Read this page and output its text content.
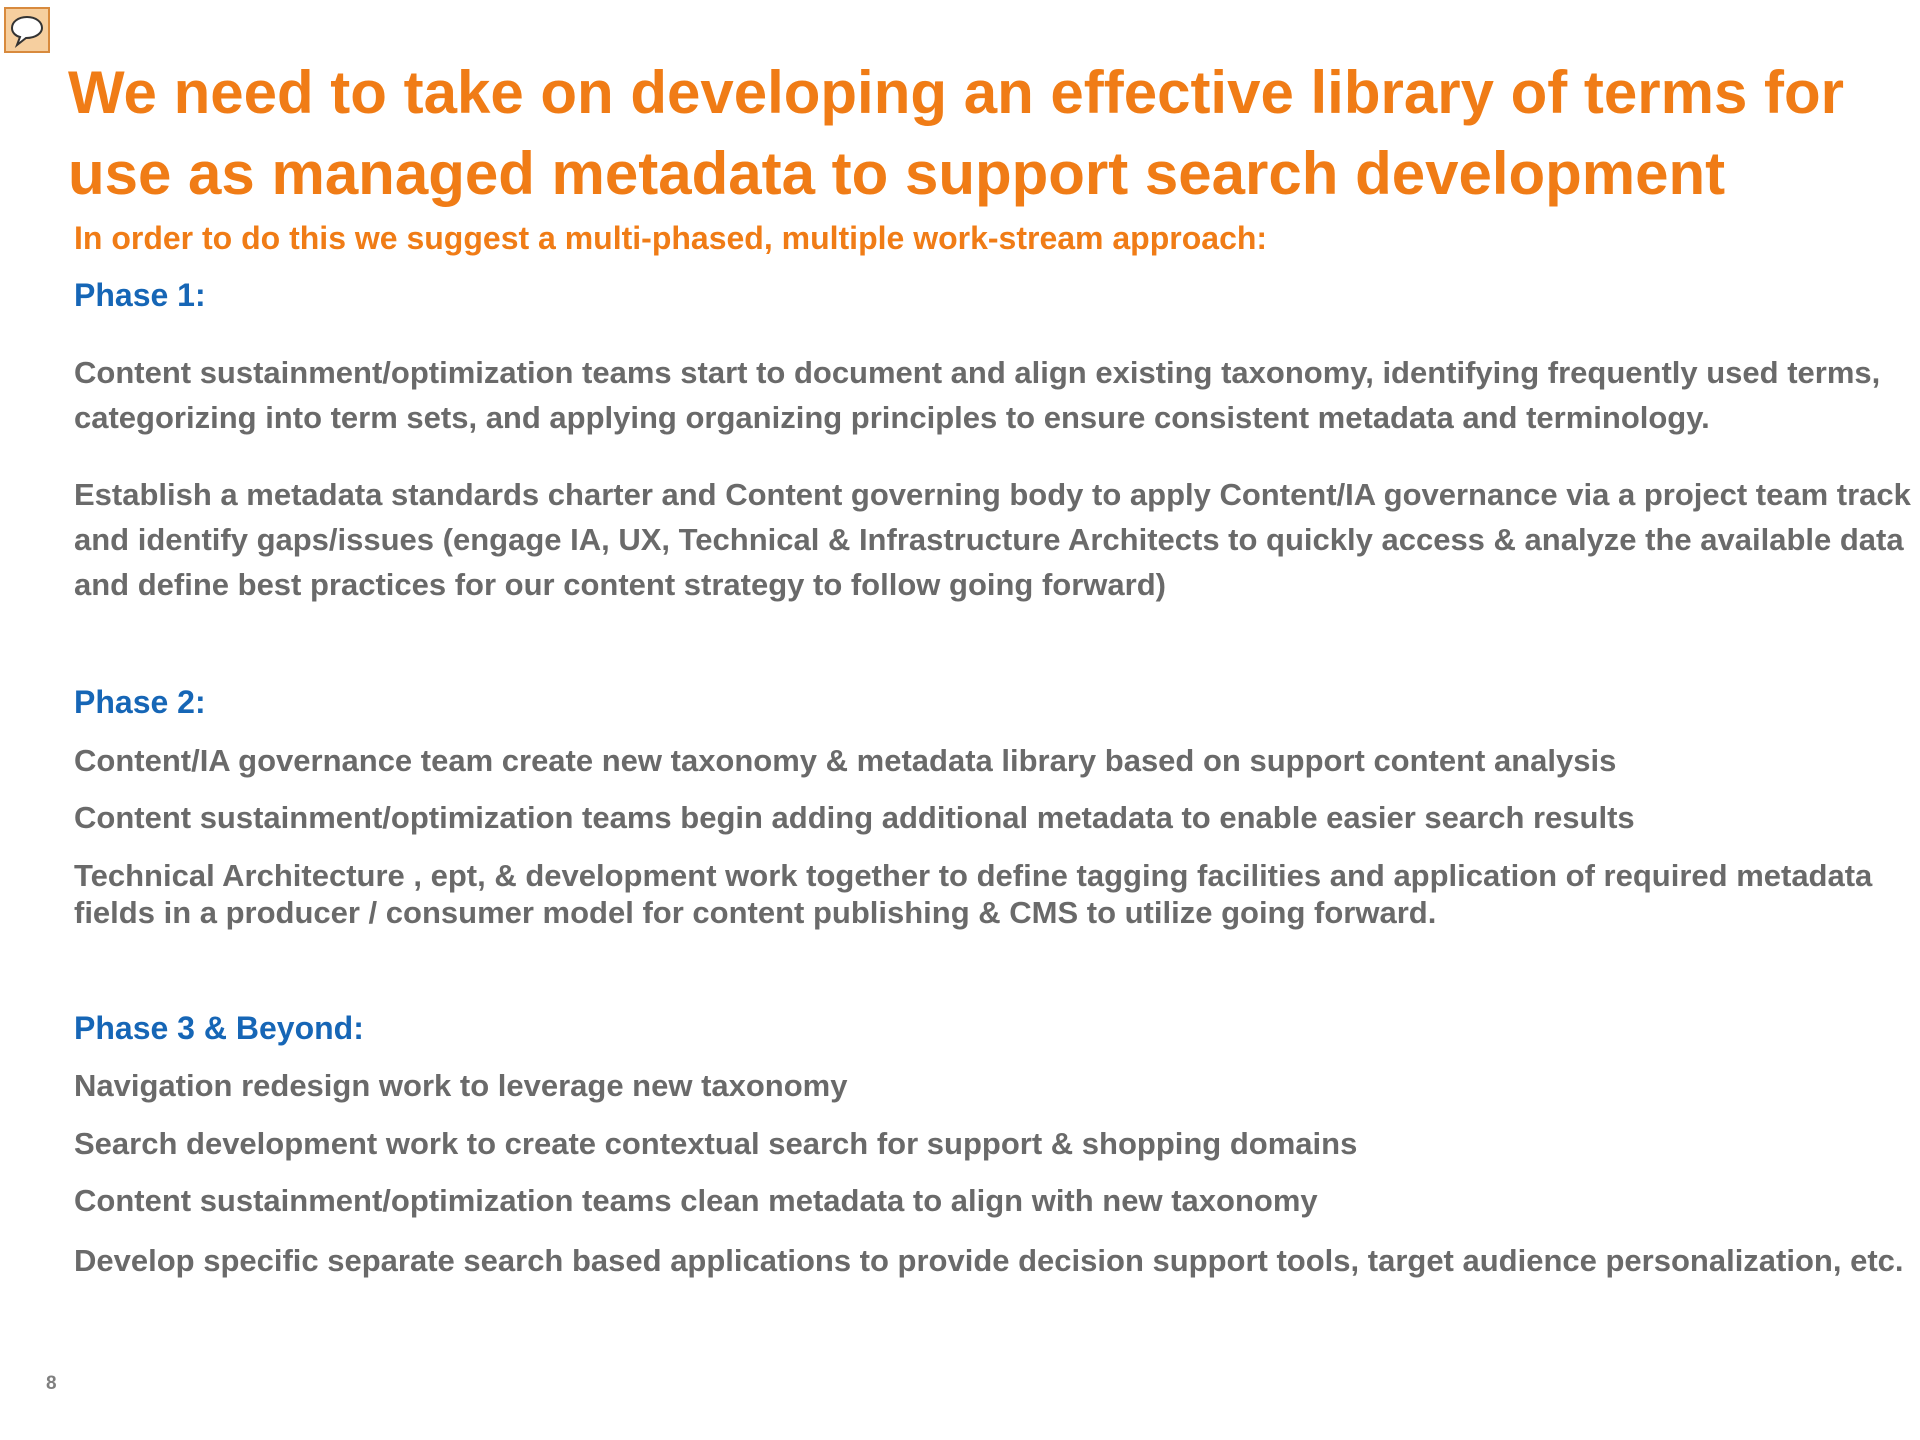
We need to take on developing an effective library of terms for use as managed metadata to support search development

In order to do this we suggest a multi-phased, multiple work-stream approach:

Phase 1:

Content sustainment/optimization teams start to document and align existing taxonomy, identifying frequently used terms, categorizing into term sets, and applying organizing principles to ensure consistent metadata and terminology.

Establish a metadata standards charter and Content governing body to apply Content/IA governance via a project team track and identify gaps/issues (engage IA, UX, Technical & Infrastructure Architects to quickly access & analyze the available data and define best practices for our content strategy to follow going forward)

Phase 2:

Content/IA governance team create new taxonomy & metadata library based on support content analysis

Content sustainment/optimization teams begin adding additional metadata to enable easier search results

Technical Architecture , ept, & development work together to define tagging facilities and application of required metadata fields in a producer / consumer model for content publishing & CMS to utilize going forward.

Phase 3 & Beyond:

Navigation redesign work to leverage new taxonomy

Search development work to create contextual search for support & shopping domains

Content sustainment/optimization teams clean metadata to align with new taxonomy

Develop specific separate search based applications to provide decision support tools, target audience personalization, etc.

8
